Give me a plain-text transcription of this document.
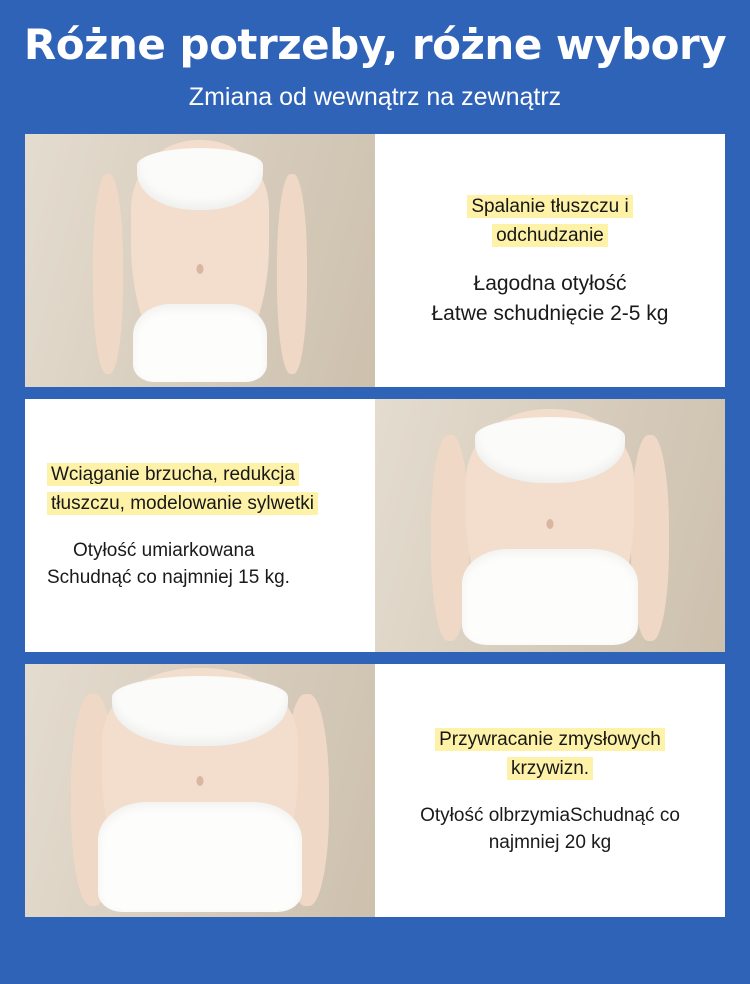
Różne potrzeby, różne wybory

Zmiana od wewnątrz na zewnątrz

Spalanie tłuszczu i odchudzanie
Łagodna otyłość
Łatwe schudnięcie 2-5 kg
Wciąganie brzucha, redukcja tłuszczu, modelowanie sylwetki
Otyłość umiarkowana
Schudnąć co najmniej 15 kg.
Przywracanie zmysłowych krzywizn.
Otyłość olbrzymiaSchudnąć co
najmniej 20 kg
